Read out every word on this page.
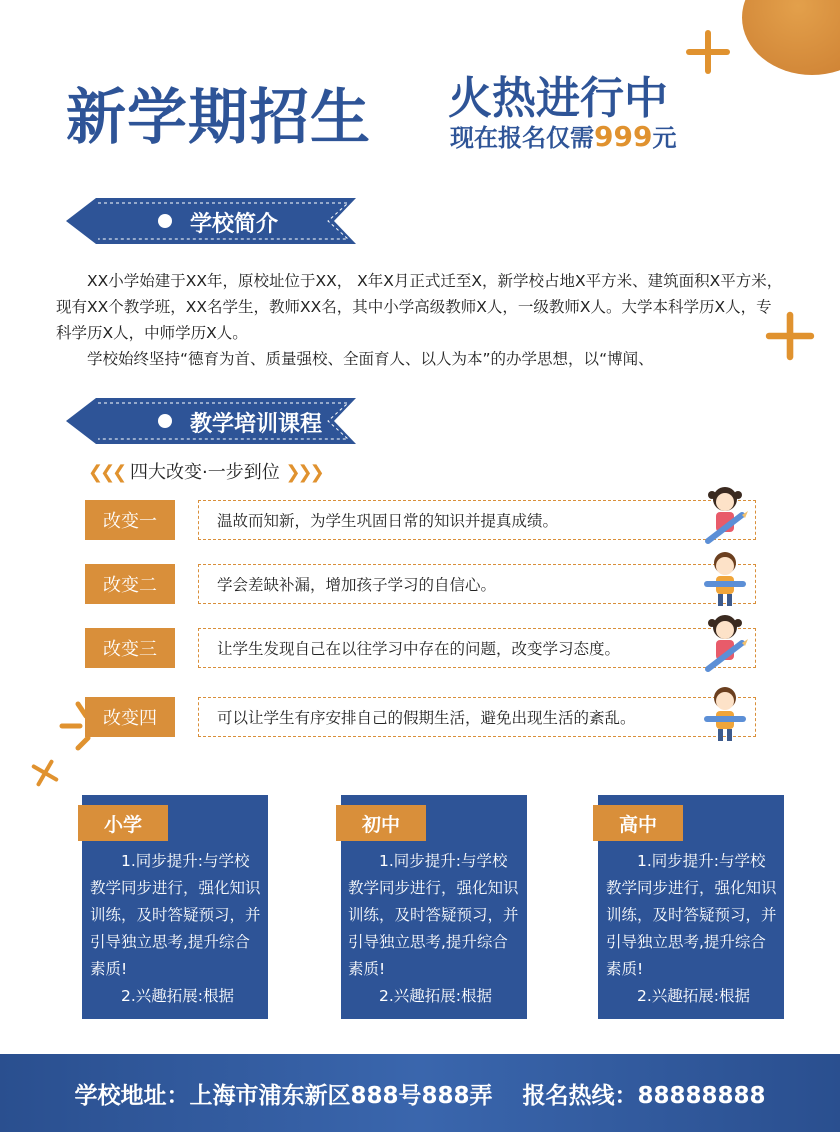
新学期招生 火热进行中
现在报名仅需999元
学校简介

XX小学始建于XX年，原校址位于XX， X年X月正式迁至X，新学校占地X平方米、建筑面积X平方米，现有XX个教学班，XX名学生，教师XX名，其中小学高级教师X人，一级教师X人。大学本科学历X人，专科学历X人，中师学历X人。

学校始终坚持“德育为首、质量强校、全面育人、以人为本”的办学思想，以“博闻、

教学培训课程
❮❮❮ 四大改变·一步到位 ❯❯❯
改变一	温故而知新，为学生巩固日常的知识并提真成绩。
改变二	学会差缺补漏，增加孩子学习的自信心。
改变三	让学生发现自己在以往学习中存在的问题，改变学习态度。
改变四	可以让学生有序安排自己的假期生活，避免出现生活的紊乱。
小学

1.同步提升:与学校教学同步进行，强化知识训练，及时答疑预习，并引导独立思考,提升综合素质!

2.兴趣拓展:根据

初中

1.同步提升:与学校教学同步进行，强化知识训练，及时答疑预习，并引导独立思考,提升综合素质!

2.兴趣拓展:根据

高中

1.同步提升:与学校教学同步进行，强化知识训练，及时答疑预习，并引导独立思考,提升综合素质!

2.兴趣拓展:根据

学校地址：上海市浦东新区888号888弄 报名热线：88888888
